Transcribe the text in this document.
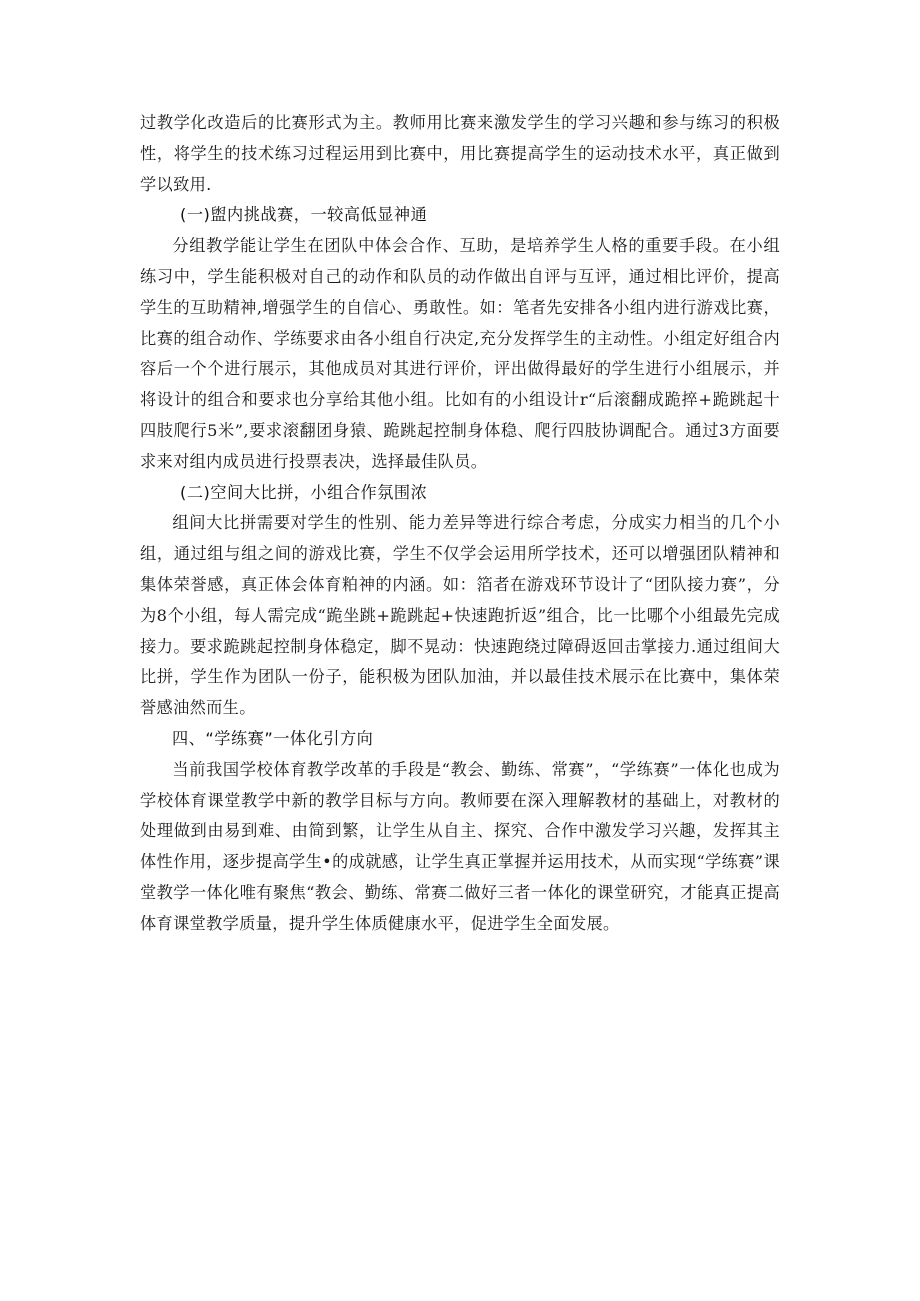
过教学化改造后的比赛形式为主。教师用比赛来激发学生的学习兴趣和参与练习的积极性，将学生的技术练习过程运用到比赛中，用比赛提高学生的运动技术水平，真正做到学以致用.

(一)盥内挑战赛，一较高低显神通

分组教学能让学生在团队中体会合作、互助，是培养学生人格的重要手段。在小组练习中，学生能积极对自己的动作和队员的动作做出自评与互评，通过相比评价，提高学生的互助精神,增强学生的自信心、勇敢性。如：笔者先安排各小组内进行游戏比赛，比赛的组合动作、学练要求由各小组自行决定,充分发挥学生的主动性。小组定好组合内容后一个个进行展示，其他成员对其进行评价，评出做得最好的学生进行小组展示，并将设计的组合和要求也分享给其他小组。比如有的小组设计r“后滚翻成跪捽+跪跳起十四肢爬行5米”,要求滚翻团身猿、跪跳起控制身体稳、爬行四肢协调配合。通过3方面要求来对组内成员进行投票表决，选择最佳队员。

(二)空间大比拼，小组合作氛围浓

组间大比拼需要对学生的性别、能力差异等进行综合考虑，分成实力相当的几个小组，通过组与组之间的游戏比赛，学生不仅学会运用所学技术，还可以增强团队精神和集体荣誉感，真正体会体育粕神的内涵。如：箔者在游戏环节设计了“团队接力赛”，分为8个小组，每人需完成“跪坐跳+跪跳起+快速跑折返”组合，比一比哪个小组最先完成接力。要求跪跳起控制身体稳定，脚不晃动：快速跑绕过障碍返回击掌接力.通过组间大比拼，学生作为团队一份子，能积极为团队加油，并以最佳技术展示在比赛中，集体荣誉感油然而生。

四、“学练赛”一体化引方向

当前我国学校体育教学改革的手段是“教会、勤练、常赛”，“学练赛”一体化也成为学校体育课堂教学中新的教学目标与方向。教师要在深入理解教材的基础上，对教材的处理做到由易到难、由简到繁，让学生从自主、探究、合作中激发学习兴趣，发挥其主体性作用，逐步提高学生•的成就感，让学生真正掌握并运用技术，从而实现“学练赛”课堂教学一体化唯有聚焦“教会、勤练、常赛二做好三者一体化的课堂研究，才能真正提高体育课堂教学质量，提升学生体质健康水平，促进学生全面发展。
